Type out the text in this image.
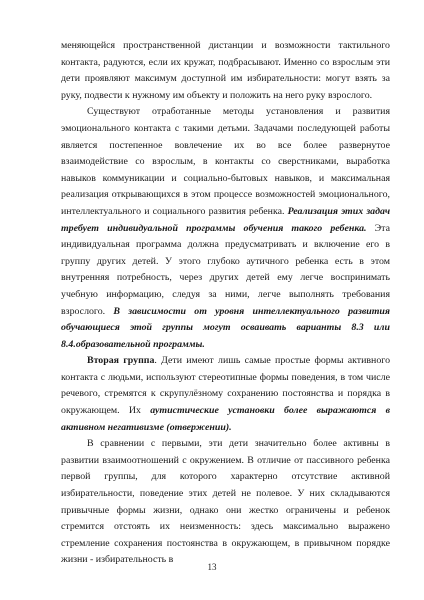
меняющейся пространственной дистанции и возможности тактильного контакта, радуются, если их кружат, подбрасывают. Именно со взрослым эти дети проявляют максимум доступной им избирательности: могут взять за руку, подвести к нужному им объекту и положить на него руку взрослого.

Существуют отработанные методы установления и развития эмоционального контакта с такими детьми. Задачами последующей работы является постепенное вовлечение их во все более развернутое взаимодействие со взрослым, в контакты со сверстниками, выработка навыков коммуникации и социально-бытовых навыков, и максимальная реализация открывающихся в этом процессе возможностей эмоционального, интеллектуального и социального развития ребенка. Реализация этих задач требует индивидуальной программы обучения такого ребенка. Эта индивидуальная программа должна предусматривать и включение его в группу других детей. У этого глубоко аутичного ребенка есть в этом внутренняя потребность, через других детей ему легче воспринимать учебную информацию, следуя за ними, легче выполнять требования взрослого. В зависимости от уровня интеллектуального развития обучающиеся этой группы могут осваивать варианты 8.3 или 8.4.образовательной программы.

Вторая группа. Дети имеют лишь самые простые формы активного контакта с людьми, используют стереотипные формы поведения, в том числе речевого, стремятся к скрупулёзному сохранению постоянства и порядка в окружающем. Их аутистические установки более выражаются в активном негативизме (отвержении).

В сравнении с первыми, эти дети значительно более активны в развитии взаимоотношений с окружением. В отличие от пассивного ребенка первой группы, для которого характерно отсутствие активной избирательности, поведение этих детей не полевое. У них складываются привычные формы жизни, однако они жестко ограничены и ребенок стремится отстоять их неизменность: здесь максимально выражено стремление сохранения постоянства в окружающем, в привычном порядке жизни - избирательность в

13
